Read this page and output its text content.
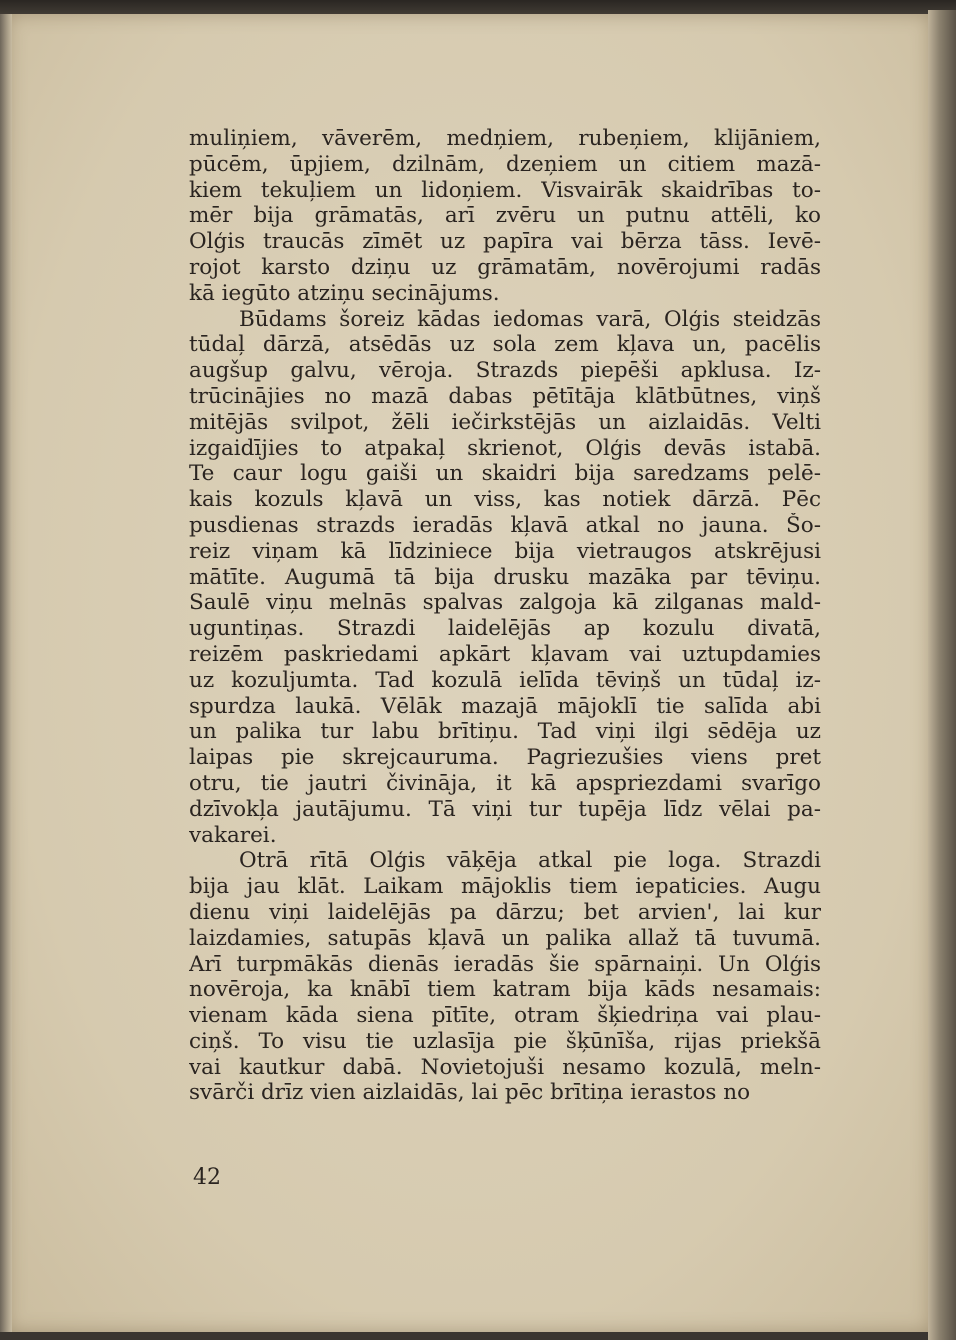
muliņiem, vāverēm, medņiem, rubeņiem, klijāniem,
pūcēm, ūpjiem, dzilnām, dzeņiem un citiem mazā-
kiem tekuļiem un lidoņiem. Visvairāk skaidrības to-
mēr bija grāmatās, arī zvēru un putnu attēli, ko
Olģis traucās zīmēt uz papīra vai bērza tāss. Ievē-
rojot karsto dziņu uz grāmatām, novērojumi radās
kā iegūto atziņu secinājums.
Būdams šoreiz kādas iedomas varā, Olģis steidzās
tūdaļ dārzā, atsēdās uz sola zem kļava un, pacēlis
augšup galvu, vēroja. Strazds piepēši apklusa. Iz-
trūcinājies no mazā dabas pētītāja klātbūtnes, viņš
mitējās svilpot, žēli iečirkstējās un aizlaidās. Velti
izgaidījies to atpakaļ skrienot, Olģis devās istabā.
Te caur logu gaiši un skaidri bija saredzams pelē-
kais kozuls kļavā un viss, kas notiek dārzā. Pēc
pusdienas strazds ieradās kļavā atkal no jauna. Šo-
reiz viņam kā līdziniece bija vietraugos atskrējusi
mātīte. Augumā tā bija drusku mazāka par tēviņu.
Saulē viņu melnās spalvas zalgoja kā zilganas mald-
uguntiņas. Strazdi laidelējās ap kozulu divatā,
reizēm paskriedami apkārt kļavam vai uztupdamies
uz kozuljumta. Tad kozulā ielīda tēviņš un tūdaļ iz-
spurdza laukā. Vēlāk mazajā mājoklī tie salīda abi
un palika tur labu brītiņu. Tad viņi ilgi sēdēja uz
laipas pie skrejcauruma. Pagriezušies viens pret
otru, tie jautri čivināja, it kā apspriezdami svarīgo
dzīvokļa jautājumu. Tā viņi tur tupēja līdz vēlai pa-
vakarei.
Otrā rītā Olģis vāķēja atkal pie loga. Strazdi
bija jau klāt. Laikam mājoklis tiem iepaticies. Augu
dienu viņi laidelējās pa dārzu; bet arvien', lai kur
laizdamies, satupās kļavā un palika allaž tā tuvumā.
Arī turpmākās dienās ieradās šie spārnaiņi. Un Olģis
novēroja, ka knābī tiem katram bija kāds nesamais:
vienam kāda siena pītīte, otram šķiedriņa vai plau-
ciņš. To visu tie uzlasīja pie šķūnīša, rijas priekšā
vai kautkur dabā. Novietojuši nesamo kozulā, meln-
svārči drīz vien aizlaidās, lai pēc brītiņa ierastos no
42
